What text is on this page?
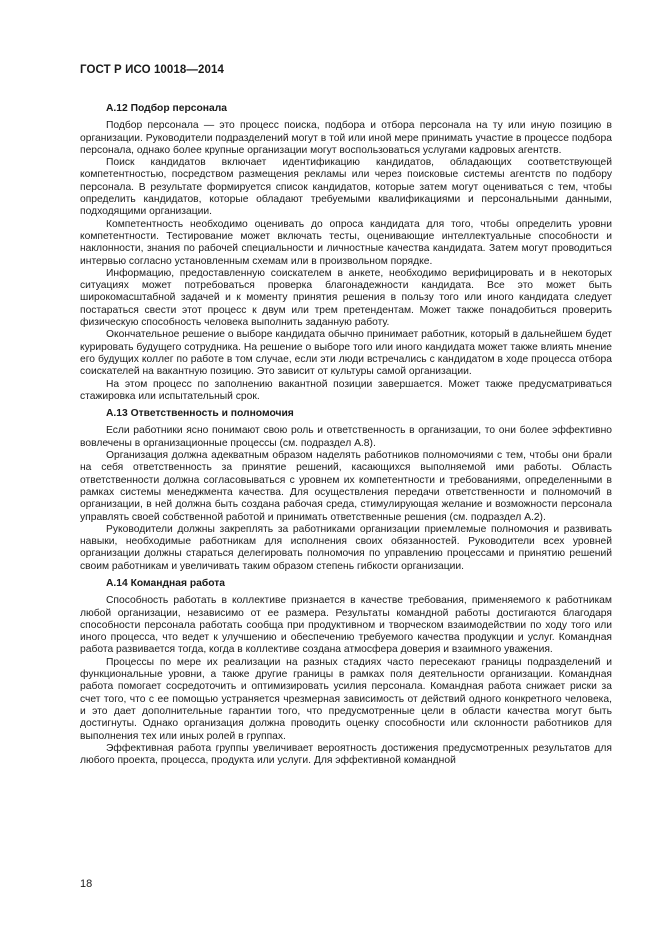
ГОСТ Р ИСО 10018—2014
А.12 Подбор персонала

Подбор персонала — это процесс поиска, подбора и отбора персонала на ту или иную позицию в организации. Руководители подразделений могут в той или иной мере принимать участие в процессе подбора персонала, однако более крупные организации могут воспользоваться услугами кадровых агентств.

Поиск кандидатов включает идентификацию кандидатов, обладающих соответствующей компетентностью, посредством размещения рекламы или через поисковые системы агентств по подбору персонала. В результате формируется список кандидатов, которые затем могут оцениваться с тем, чтобы определить кандидатов, которые обладают требуемыми квалификациями и персональными данными, подходящими организации.

Компетентность необходимо оценивать до опроса кандидата для того, чтобы определить уровни компетентности. Тестирование может включать тесты, оценивающие интеллектуальные способности и наклонности, знания по рабочей специальности и личностные качества кандидата. Затем могут проводиться интервью согласно установленным схемам или в произвольном порядке.

Информацию, предоставленную соискателем в анкете, необходимо верифицировать и в некоторых ситуациях может потребоваться проверка благонадежности кандидата. Все это может быть широкомасштабной задачей и к моменту принятия решения в пользу того или иного кандидата следует постараться свести этот процесс к двум или трем претендентам. Может также понадобиться проверить физическую способность человека выполнить заданную работу.

Окончательное решение о выборе кандидата обычно принимает работник, который в дальнейшем будет курировать будущего сотрудника. На решение о выборе того или иного кандидата может также влиять мнение его будущих коллег по работе в том случае, если эти люди встречались с кандидатом в ходе процесса отбора соискателей на вакантную позицию. Это зависит от культуры самой организации.

На этом процесс по заполнению вакантной позиции завершается. Может также предусматриваться стажировка или испытательный срок.

А.13 Ответственность и полномочия

Если работники ясно понимают свою роль и ответственность в организации, то они более эффективно вовлечены в организационные процессы (см. подраздел А.8).

Организация должна адекватным образом наделять работников полномочиями с тем, чтобы они брали на себя ответственность за принятие решений, касающихся выполняемой ими работы. Область ответственности должна согласовываться с уровнем их компетентности и требованиями, определенными в рамках системы менеджмента качества. Для осуществления передачи ответственности и полномочий в организации, в ней должна быть создана рабочая среда, стимулирующая желание и возможности персонала управлять своей собственной работой и принимать ответственные решения (см. подраздел А.2).

Руководители должны закреплять за работниками организации приемлемые полномочия и развивать навыки, необходимые работникам для исполнения своих обязанностей. Руководители всех уровней организации должны стараться делегировать полномочия по управлению процессами и принятию решений своим работникам и увеличивать таким образом степень гибкости организации.

А.14 Командная работа

Способность работать в коллективе признается в качестве требования, применяемого к работникам любой организации, независимо от ее размера. Результаты командной работы достигаются благодаря способности персонала работать сообща при продуктивном и творческом взаимодействии по ходу того или иного процесса, что ведет к улучшению и обеспечению требуемого качества продукции и услуг. Командная работа развивается тогда, когда в коллективе создана атмосфера доверия и взаимного уважения.

Процессы по мере их реализации на разных стадиях часто пересекают границы подразделений и функциональные уровни, а также другие границы в рамках поля деятельности организации. Командная работа помогает сосредоточить и оптимизировать усилия персонала. Командная работа снижает риски за счет того, что с ее помощью устраняется чрезмерная зависимость от действий одного конкретного человека, и это дает дополнительные гарантии того, что предусмотренные цели в области качества могут быть достигнуты. Однако организация должна проводить оценку способности или склонности работников для выполнения тех или иных ролей в группах.

Эффективная работа группы увеличивает вероятность достижения предусмотренных результатов для любого проекта, процесса, продукта или услуги. Для эффективной командной

18
